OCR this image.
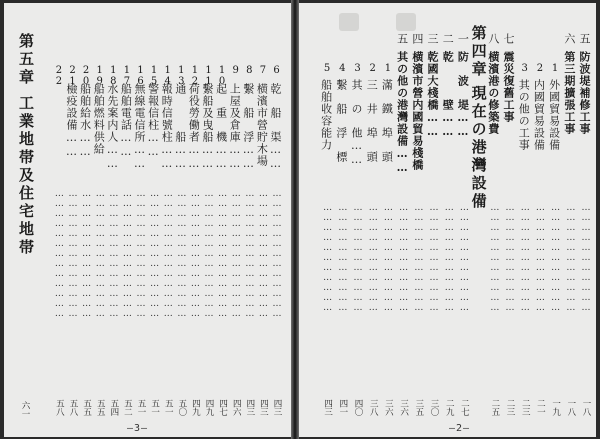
第五章
工業地帯及住宅地帯
6
乾　船　渠……
…………………………………
四三
7
横濱市營貯木場
…………………………………
四三
8
繫　船　浮……
…………………………………
四三
9
上屋及倉庫……
…………………………………
四六
10
起　重　機……
…………………………………
四七
11
繫船及曳船……
…………………………………
四九
12
荷役勞働者……
…………………………………
四九
13
通　　　船……
…………………………………
五〇
14
報時信號柱……
…………………………………
五一
15
警報信柱……
…………………………………
五一
16
無線電信所……
…………………………………
五一
17
船舶電話……
…………………………………
五二
18
水先案内人……
…………………………………
五四
19
船舶燃料供給
…………………………………
五五
20
船舶給水……
…………………………………
五五
21
檢疫設備……
…………………………………
五八
22
…………………………………
五八
六一
—3—
五
防波堤補修工事
……………………………
一八
六
第三期擴張工事
……………………………
一八
1
外國貿易設備
……………………………
一九
2
内國貿易設備
……………………………
二一
3
其の他の工事
……………………………
二三
七
震災復舊工事
……………………………
二三
八
横濱港の修築費
……………………………
二五
第四章
現在の港灣設備
一
防　波　堤……
……………………………
二七
二
乾　　　壁……
……………………………
二九
三
乾國大棧橋……
……………………………
三〇
四
横濱市營内國貿易棧橋
……………………………
三五
五
其の他の港灣設備……
……………………………
三六
1
滿　鐵　埠　頭
……………………………
三六
2
三　井　埠　頭
……………………………
三八
3
其　の　他……
……………………………
四〇
4
繫　船　浮　標
……………………………
四一
5
船舶收容能力
……………………………
四三
—2—
